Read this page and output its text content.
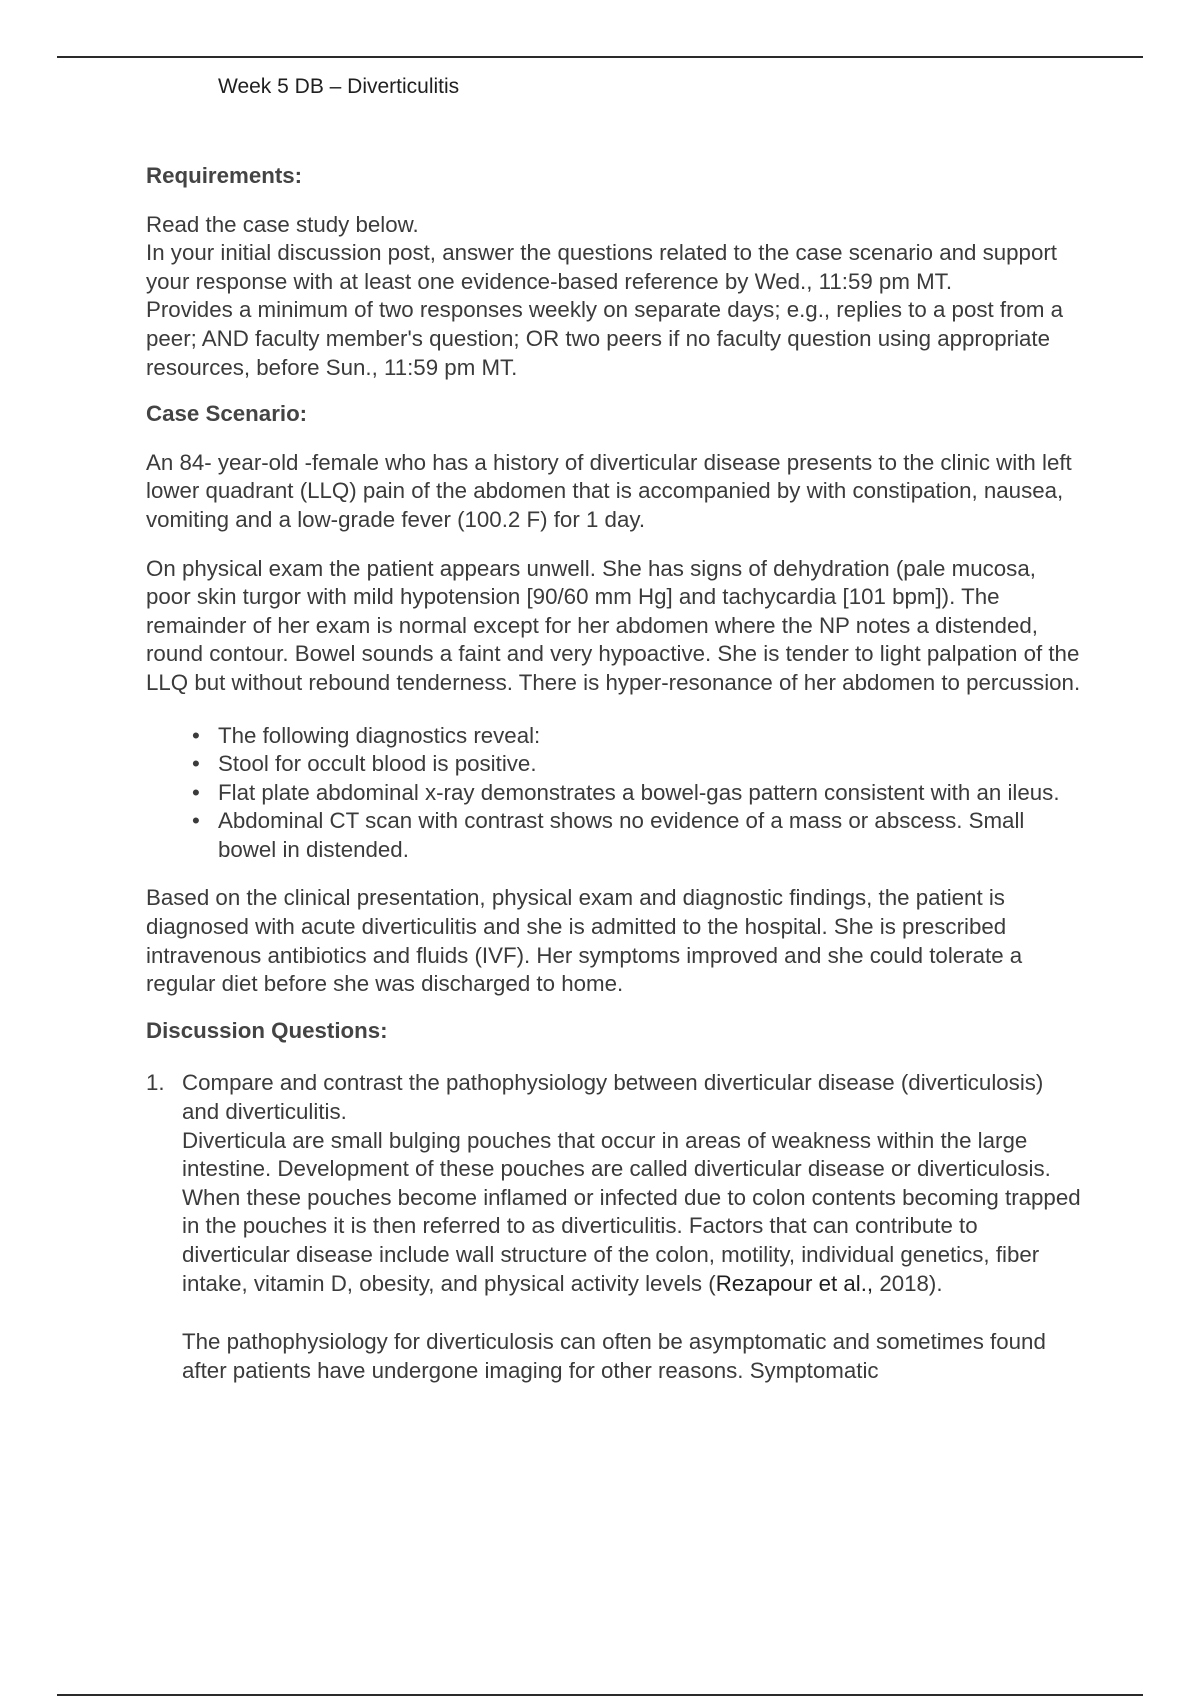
Week 5 DB – Diverticulitis

Requirements:

Read the case study below.

In your initial discussion post, answer the questions related to the case scenario and support your response with at least one evidence-based reference by Wed., 11:59 pm MT.

Provides a minimum of two responses weekly on separate days; e.g., replies to a post from a peer; AND faculty member's question; OR two peers if no faculty question using appropriate resources, before Sun., 11:59 pm MT.

Case Scenario:

An 84- year-old -female who has a history of diverticular disease presents to the clinic with left lower quadrant (LLQ) pain of the abdomen that is accompanied by with constipation, nausea, vomiting and a low-grade fever (100.2 F) for 1 day.

On physical exam the patient appears unwell. She has signs of dehydration (pale mucosa, poor skin turgor with mild hypotension [90/60 mm Hg] and tachycardia [101 bpm]). The remainder of her exam is normal except for her abdomen where the NP notes a distended, round contour. Bowel sounds a faint and very hypoactive. She is tender to light palpation of the LLQ but without rebound tenderness. There is hyper-resonance of her abdomen to percussion.

• The following diagnostics reveal:
• Stool for occult blood is positive.
• Flat plate abdominal x-ray demonstrates a bowel-gas pattern consistent with an ileus.
• Abdominal CT scan with contrast shows no evidence of a mass or abscess. Small bowel in distended.

Based on the clinical presentation, physical exam and diagnostic findings, the patient is diagnosed with acute diverticulitis and she is admitted to the hospital. She is prescribed intravenous antibiotics and fluids (IVF). Her symptoms improved and she could tolerate a regular diet before she was discharged to home.

Discussion Questions:

1. Compare and contrast the pathophysiology between diverticular disease (diverticulosis) and diverticulitis.

Diverticula are small bulging pouches that occur in areas of weakness within the large intestine. Development of these pouches are called diverticular disease or diverticulosis. When these pouches become inflamed or infected due to colon contents becoming trapped in the pouches it is then referred to as diverticulitis. Factors that can contribute to diverticular disease include wall structure of the colon, motility, individual genetics, fiber intake, vitamin D, obesity, and physical activity levels (Rezapour et al., 2018).

The pathophysiology for diverticulosis can often be asymptomatic and sometimes found after patients have undergone imaging for other reasons. Symptomatic
